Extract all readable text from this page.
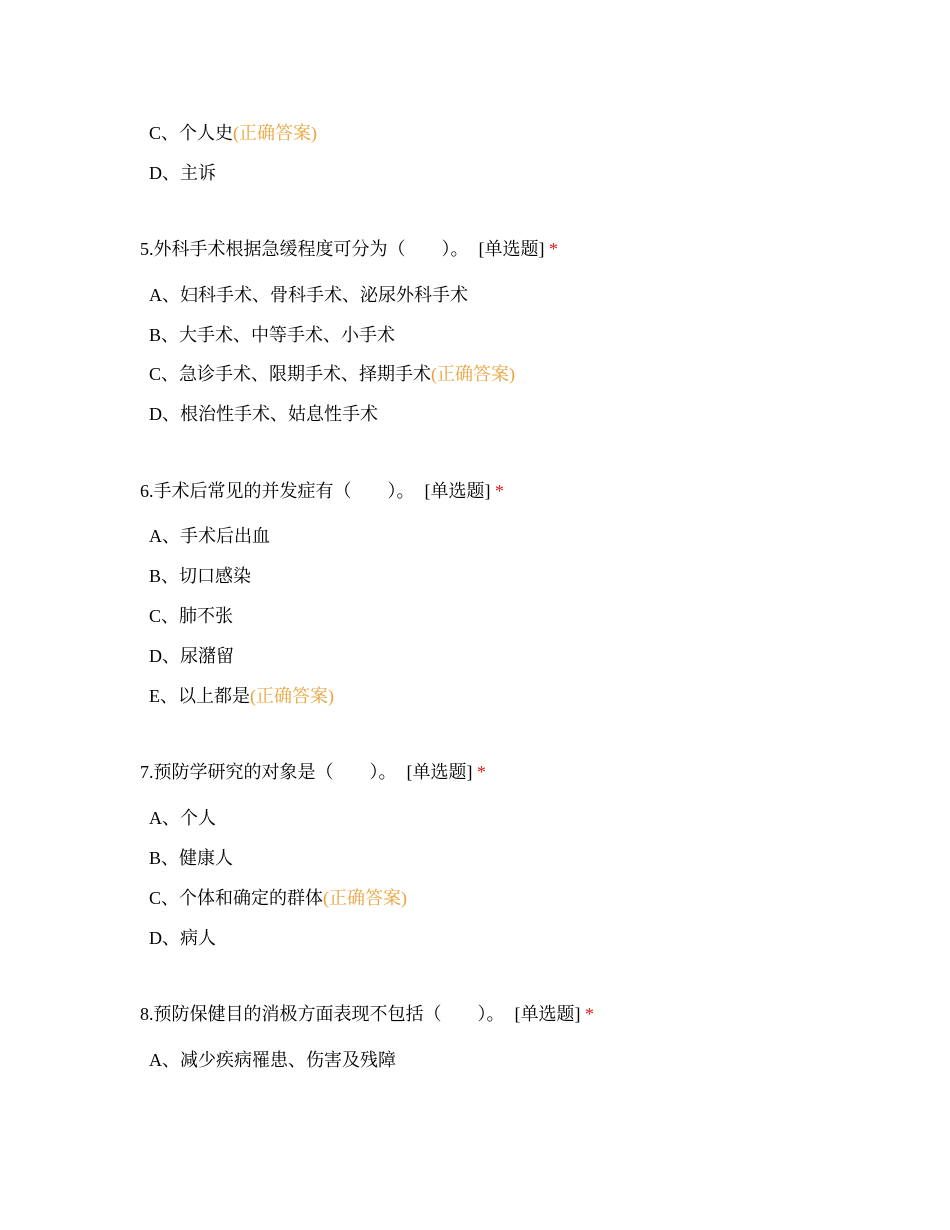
C、个人史(正确答案)
D、主诉
5.外科手术根据急缓程度可分为（　　）。 [单选题] *
A、妇科手术、骨科手术、泌尿外科手术
B、大手术、中等手术、小手术
C、急诊手术、限期手术、择期手术(正确答案)
D、根治性手术、姑息性手术
6.手术后常见的并发症有（　　）。 [单选题] *
A、手术后出血
B、切口感染
C、肺不张
D、尿潴留
E、以上都是(正确答案)
7.预防学研究的对象是（　　）。 [单选题] *
A、个人
B、健康人
C、个体和确定的群体(正确答案)
D、病人
8.预防保健目的消极方面表现不包括（　　）。 [单选题] *
A、减少疾病罹患、伤害及残障
